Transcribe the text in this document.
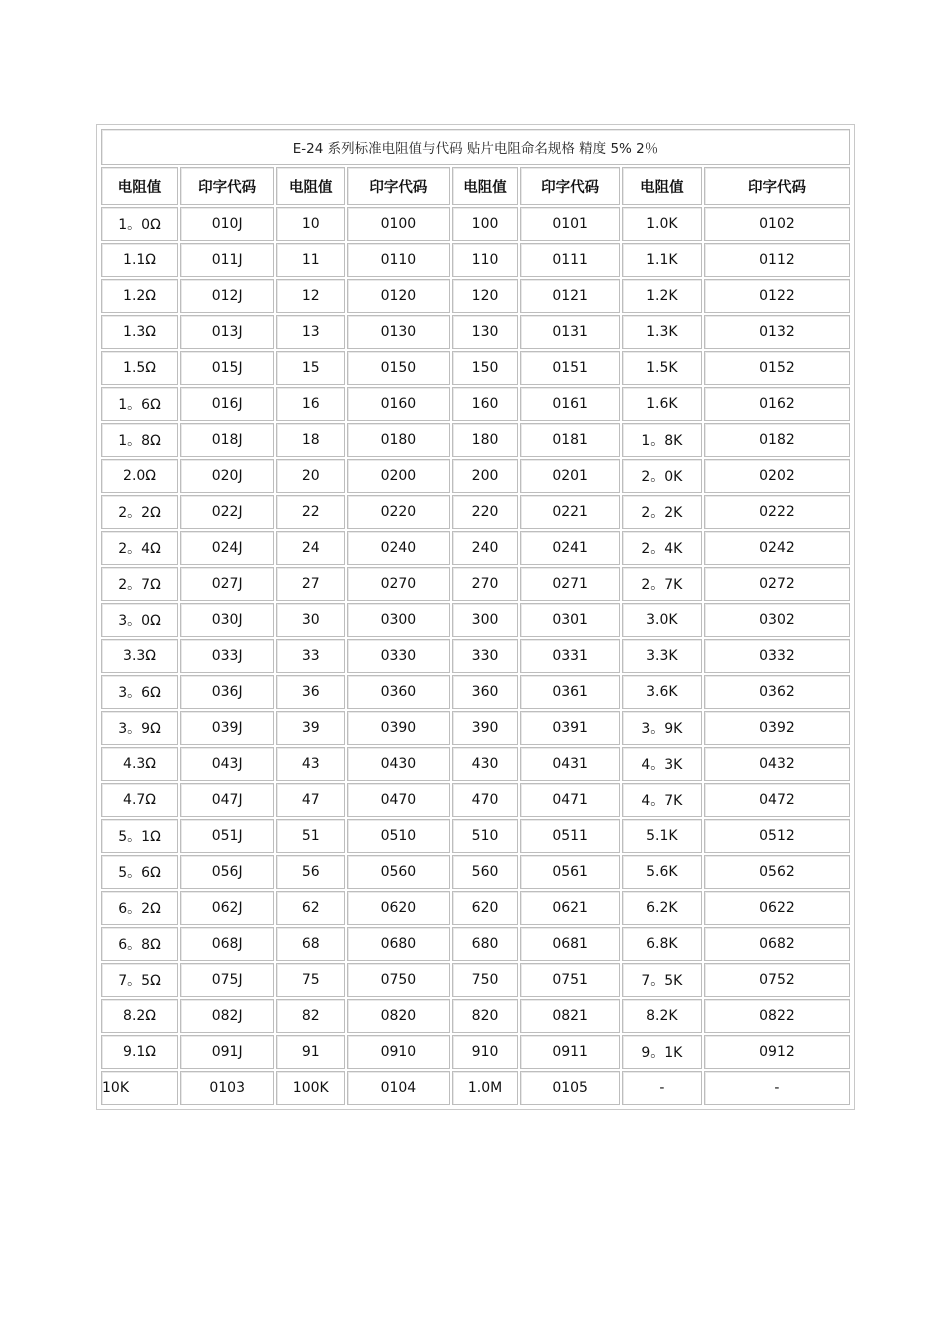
E-24 系列标准电阻值与代码 贴片电阻命名规格 精度 5% 2％							
电阻值	印字代码	电阻值	印字代码	电阻值	印字代码	电阻值	印字代码
1。0Ω	010J	10	0100	100	0101	1.0K	0102
1.1Ω	011J	11	0110	110	0111	1.1K	0112
1.2Ω	012J	12	0120	120	0121	1.2K	0122
1.3Ω	013J	13	0130	130	0131	1.3K	0132
1.5Ω	015J	15	0150	150	0151	1.5K	0152
1。6Ω	016J	16	0160	160	0161	1.6K	0162
1。8Ω	018J	18	0180	180	0181	1。8K	0182
2.0Ω	020J	20	0200	200	0201	2。0K	0202
2。2Ω	022J	22	0220	220	0221	2。2K	0222
2。4Ω	024J	24	0240	240	0241	2。4K	0242
2。7Ω	027J	27	0270	270	0271	2。7K	0272
3。0Ω	030J	30	0300	300	0301	3.0K	0302
3.3Ω	033J	33	0330	330	0331	3.3K	0332
3。6Ω	036J	36	0360	360	0361	3.6K	0362
3。9Ω	039J	39	0390	390	0391	3。9K	0392
4.3Ω	043J	43	0430	430	0431	4。3K	0432
4.7Ω	047J	47	0470	470	0471	4。7K	0472
5。1Ω	051J	51	0510	510	0511	5.1K	0512
5。6Ω	056J	56	0560	560	0561	5.6K	0562
6。2Ω	062J	62	0620	620	0621	6.2K	0622
6。8Ω	068J	68	0680	680	0681	6.8K	0682
7。5Ω	075J	75	0750	750	0751	7。5K	0752
8.2Ω	082J	82	0820	820	0821	8.2K	0822
9.1Ω	091J	91	0910	910	0911	9。1K	0912
10K	0103	100K	0104	1.0M	0105	-	-
